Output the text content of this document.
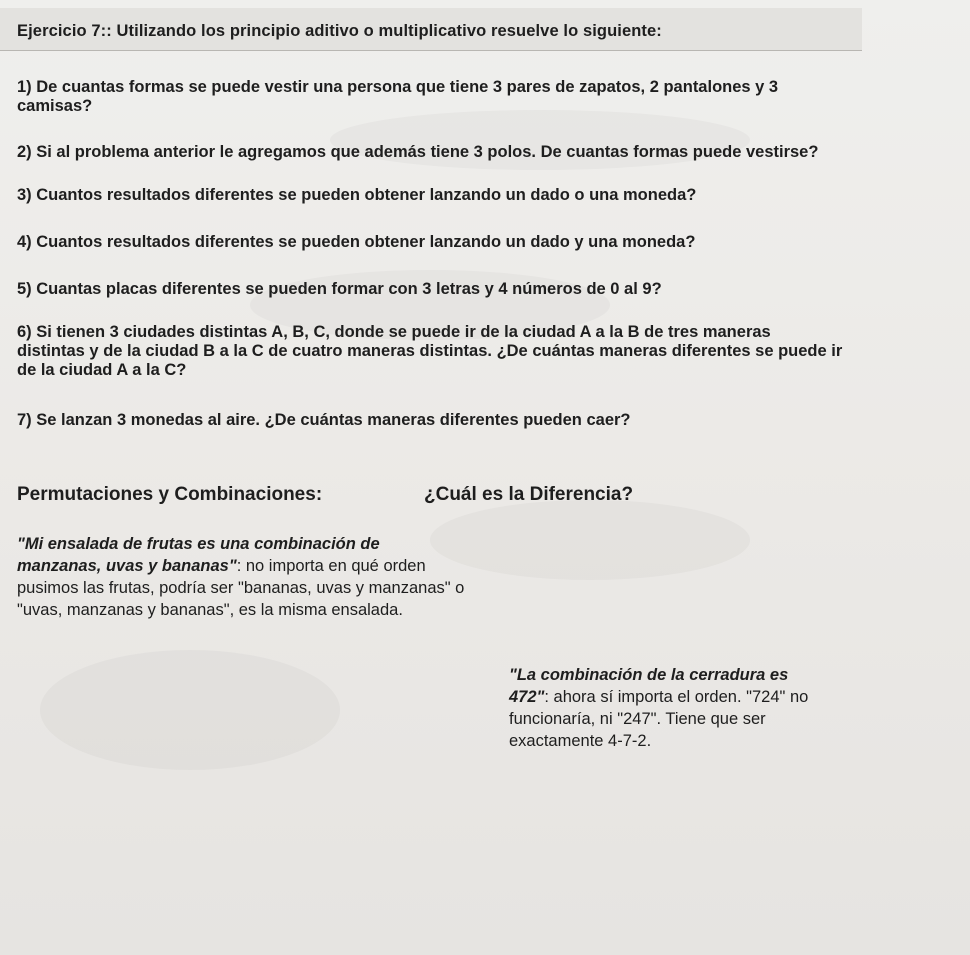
Ejercicio 7:: Utilizando los principio aditivo o multiplicativo resuelve lo siguiente:
1) De cuantas formas se puede vestir una persona que tiene 3 pares de zapatos, 2 pantalones y 3
camisas?
2) Si al problema anterior le agregamos que además tiene 3 polos. De cuantas formas puede vestirse?
3) Cuantos resultados diferentes se pueden obtener lanzando un dado o una moneda?
4) Cuantos resultados diferentes se pueden obtener lanzando un dado y una moneda?
5) Cuantas placas diferentes se pueden formar con 3 letras y 4 números de 0 al 9?
6) Si tienen 3 ciudades distintas A, B, C, donde se puede ir de la ciudad A a la B de tres maneras
distintas y de la ciudad B a la C de cuatro maneras distintas. ¿De cuántas maneras diferentes se puede ir
de la ciudad A a la C?
7) Se lanzan 3 monedas al aire. ¿De cuántas maneras diferentes pueden caer?
Permutaciones y Combinaciones:	¿Cuál es la Diferencia?
"Mi ensalada de frutas es una combinación de
manzanas, uvas y bananas": no importa en qué orden
pusimos las frutas, podría ser "bananas, uvas y manzanas" o
"uvas, manzanas y bananas", es la misma ensalada.
"La combinación de la cerradura es
472": ahora sí importa el orden. "724" no
funcionaría, ni "247". Tiene que ser
exactamente 4-7-2.
